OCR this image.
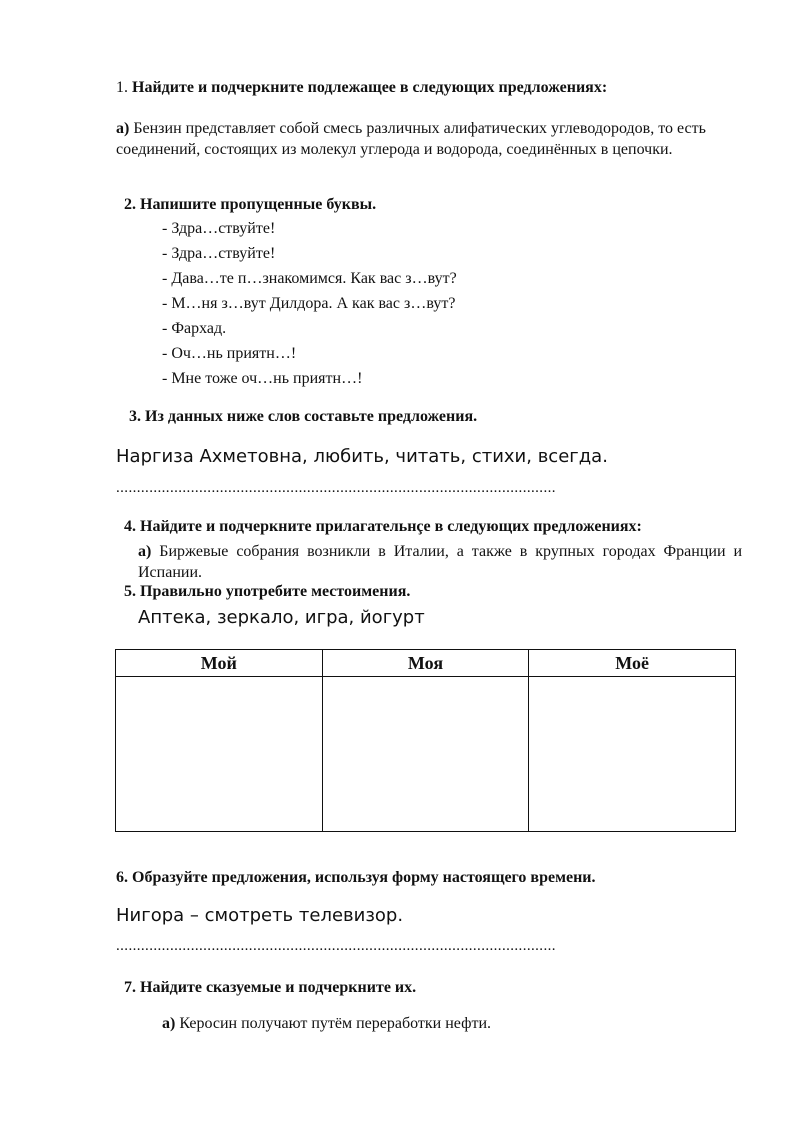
1. Найдите и подчеркните подлежащее в следующих предложениях:
а) Бензин представляет собой смесь различных алифатических углеводородов, то есть соединений, состоящих из молекул углерода и водорода, соединённых в цепочки.
2. Напишите пропущенные буквы.
- Здра…ствуйте!
- Здра…ствуйте!
- Дава…те п…знакомимся. Как вас з…вут?
- М…ня з…вут Дилдора. А как вас з…вут?
- Фархад.
- Оч…нь приятн…!
- Мне тоже оч…нь приятн…!
3. Из данных ниже слов составьте предложения.
Наргиза Ахметовна, любить, читать, стихи, всегда.
..........................................................................................................
4. Найдите и подчеркните прилагательнçе в следующих предложениях:
а) Биржевые собрания возникли в Италии, а также в крупных городах Франции и Испании.
5. Правильно употребите местоимения.
Аптека, зеркало, игра, йогурт
Мой	Моя	Моё

6. Образуйте предложения, используя форму настоящего времени.
Нигора – смотреть телевизор.
..........................................................................................................
7. Найдите сказуемые и подчеркните их.
а) Керосин получают путём переработки нефти.
